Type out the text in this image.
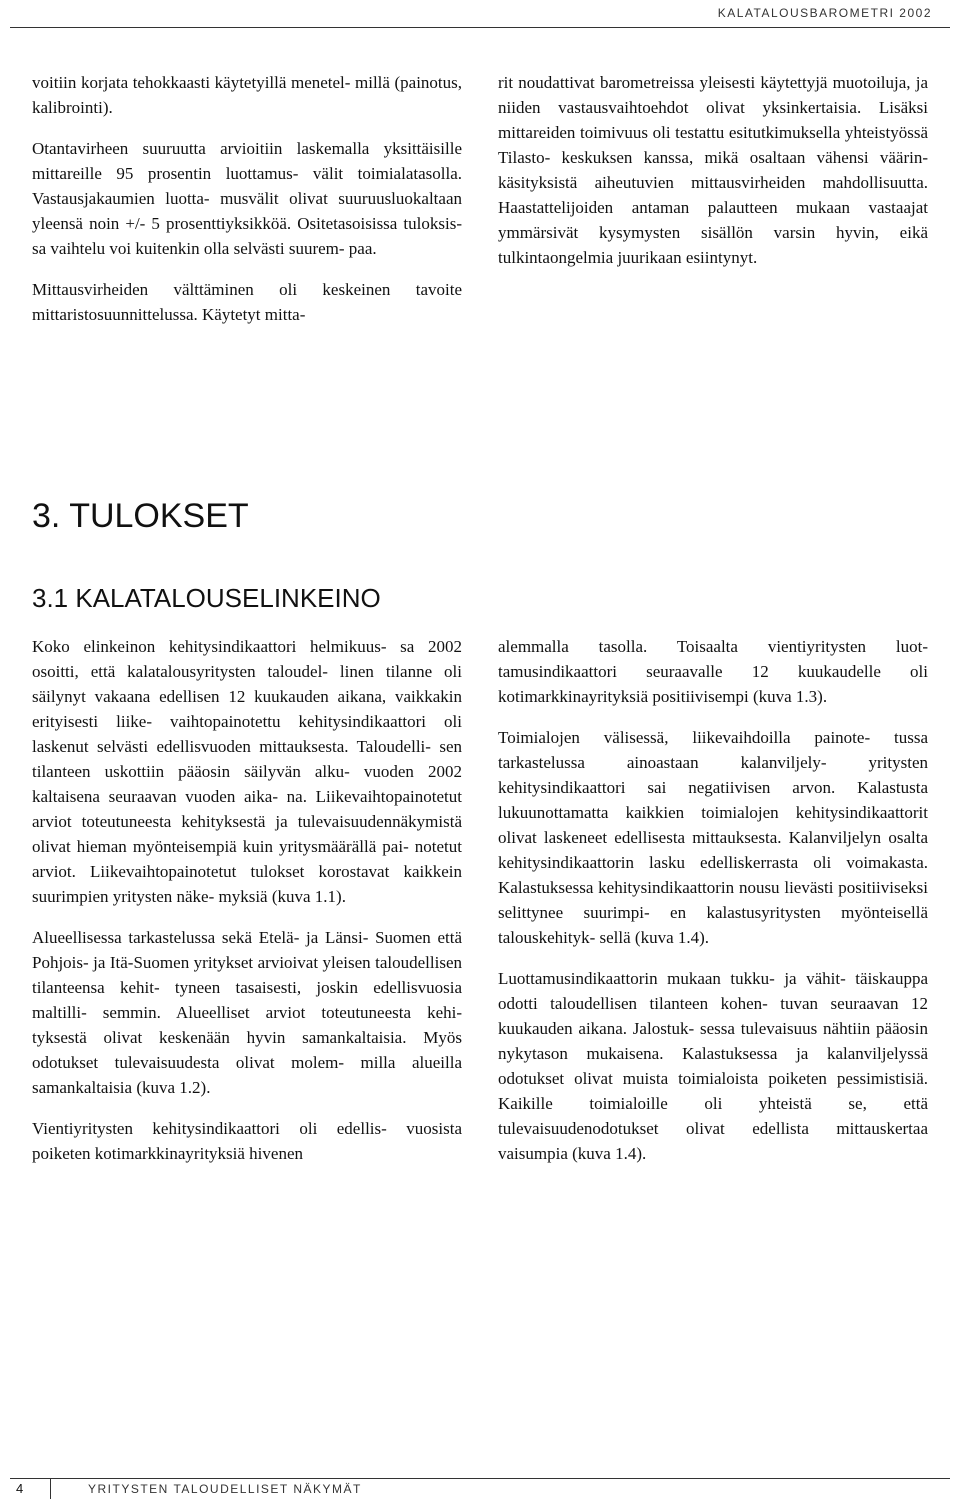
KALATALOUSBAROMETRI 2002

voitiin korjata tehokkaasti käytetyillä menetel- millä (painotus, kalibrointi).

Otantavirheen suuruutta arvioitiin laskemalla yksittäisille mittareille 95 prosentin luottamus- välit toimialatasolla. Vastausjakaumien luotta- musvälit olivat suuruusluokaltaan yleensä noin +/- 5 prosenttiyksikköä. Ositetasoisissa tuloksis- sa vaihtelu voi kuitenkin olla selvästi suurem- paa.

Mittausvirheiden välttäminen oli keskeinen tavoite mittaristosuunnittelussa. Käytetyt mitta-

rit noudattivat barometreissa yleisesti käytettyjä muotoiluja, ja niiden vastausvaihtoehdot olivat yksinkertaisia. Lisäksi mittareiden toimivuus oli testattu esitutkimuksella yhteistyössä Tilasto- keskuksen kanssa, mikä osaltaan vähensi väärin- käsityksistä aiheutuvien mittausvirheiden mahdollisuutta. Haastattelijoiden antaman palautteen mukaan vastaajat ymmärsivät kysymysten sisällön varsin hyvin, eikä tulkintaongelmia juurikaan esiintynyt.

3. TULOKSET
3.1 KALATALOUSELINKEINO

Koko elinkeinon kehitysindikaattori helmikuus- sa 2002 osoitti, että kalatalousyritysten taloudel- linen tilanne oli säilynyt vakaana edellisen 12 kuukauden aikana, vaikkakin erityisesti liike- vaihtopainotettu kehitysindikaattori oli laskenut selvästi edellisvuoden mittauksesta. Taloudelli- sen tilanteen uskottiin pääosin säilyvän alku- vuoden 2002 kaltaisena seuraavan vuoden aika- na. Liikevaihtopainotetut arviot toteutuneesta kehityksestä ja tulevaisuudennäkymistä olivat hieman myönteisempiä kuin yritysmäärällä pai- notetut arviot. Liikevaihtopainotetut tulokset korostavat kaikkein suurimpien yritysten näke- myksiä (kuva 1.1).

Alueellisessa tarkastelussa sekä Etelä- ja Länsi- Suomen että Pohjois- ja Itä-Suomen yritykset arvioivat yleisen taloudellisen tilanteensa kehit- tyneen tasaisesti, joskin edellisvuosia maltilli- semmin. Alueelliset arviot toteutuneesta kehi- tyksestä olivat keskenään hyvin samankaltaisia. Myös odotukset tulevaisuudesta olivat molem- milla alueilla samankaltaisia (kuva 1.2).

Vientiyritysten kehitysindikaattori oli edellis- vuosista poiketen kotimarkkinayrityksiä hivenen

alemmalla tasolla. Toisaalta vientiyritysten luot- tamusindikaattori seuraavalle 12 kuukaudelle oli kotimarkkinayrityksiä positiivisempi (kuva 1.3).

Toimialojen välisessä, liikevaihdoilla painote- tussa tarkastelussa ainoastaan kalanviljely- yritysten kehitysindikaattori sai negatiivisen arvon. Kalastusta lukuunottamatta kaikkien toimialojen kehitysindikaattorit olivat laskeneet edellisesta mittauksesta. Kalanviljelyn osalta kehitysindikaattorin lasku edelliskerrasta oli voimakasta. Kalastuksessa kehitysindikaattorin nousu lievästi positiiviseksi selittynee suurimpi- en kalastusyritysten myönteisellä talouskehityk- sellä (kuva 1.4).

Luottamusindikaattorin mukaan tukku- ja vähit- täiskauppa odotti taloudellisen tilanteen kohen- tuvan seuraavan 12 kuukauden aikana. Jalostuk- sessa tulevaisuus nähtiin pääosin nykytason mukaisena. Kalastuksessa ja kalanviljelyssä odotukset olivat muista toimialoista poiketen pessimistisiä. Kaikille toimialoille oli yhteistä se, että tulevaisuudenodotukset olivat edellista mittauskertaa vaisumpia (kuva 1.4).

4	YRITYSTEN TALOUDELLISET NÄKYMÄT
